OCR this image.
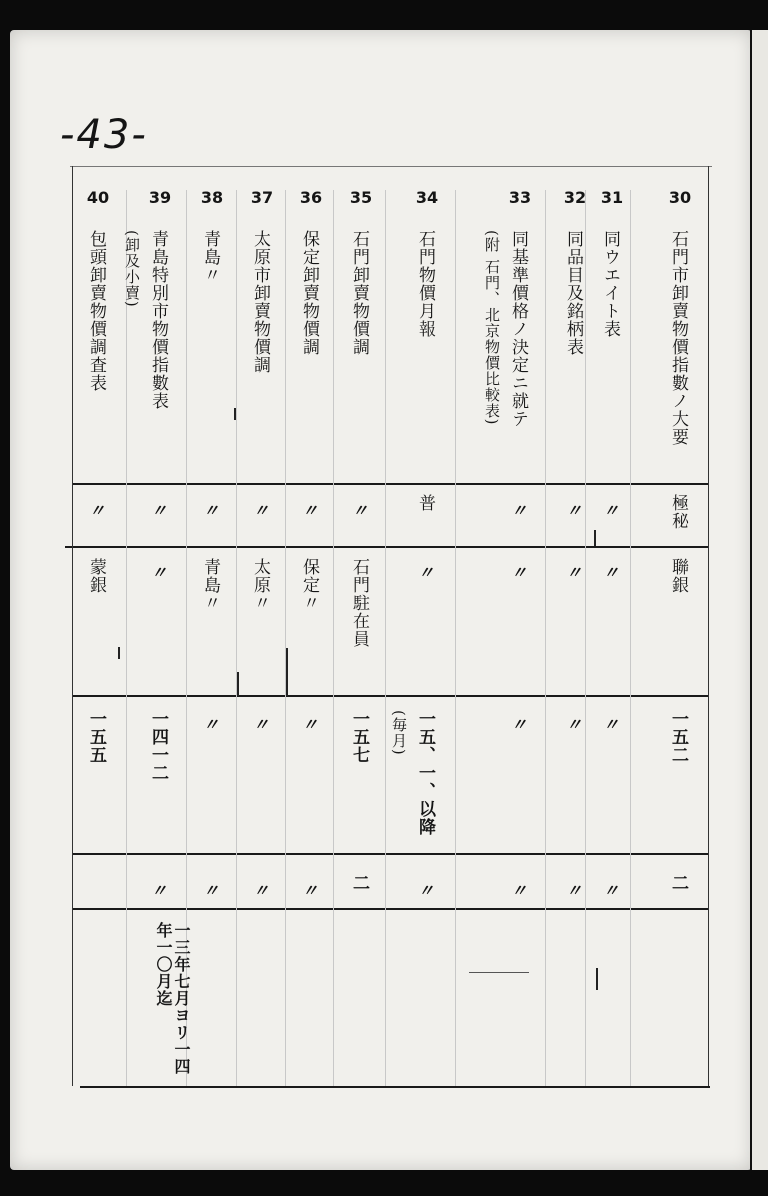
-43-
30
石門市卸賣物價指數ノ大要
極秘
聯銀
一五二
二
31
同ウエイト表
〃
〃
〃
〃
32
同品目及銘柄表
〃
〃
〃
〃
33
同基準價格ノ決定ニ就テ
(附 石門、北京物價比較表)
〃
〃
〃
〃
34
石門物價月報
普
〃
一五、一、以降
(毎月)
〃
35
石門卸賣物價調
〃
石門駐在員
一五七
二
36
保定卸賣物價調
〃
保定〃
〃
〃
37
太原市卸賣物價調
〃
太原〃
〃
〃
38
青島〃
〃
青島〃
〃
〃
39
青島特別市物價指數表
(卸及小賣)
〃
〃
一四一二
〃
一三年七月ヨリ一四年一〇月迄
40
包頭卸賣物價調査表
〃
蒙銀
一五五
